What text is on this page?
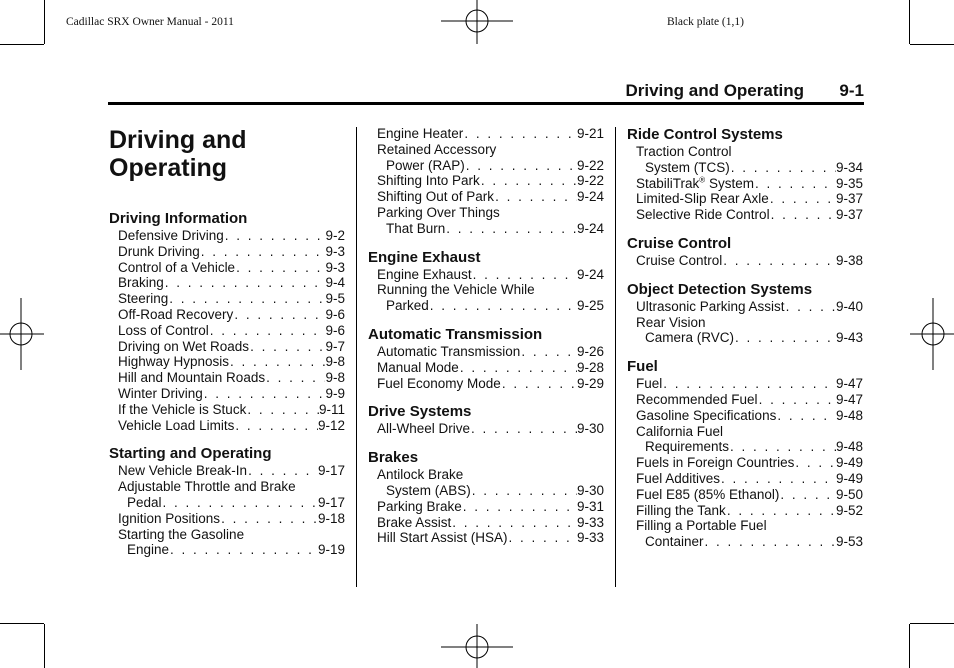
Cadillac SRX Owner Manual - 2011	Black plate (1,1)
Driving and Operating 9-1
Driving and
Operating
Driving Information
Defensive Driving . . .	9-2
Drunk Driving . . .	9-3
Control of a Vehicle . . .	9-3
Braking . . .	9-4
Steering . . .	9-5
Off-Road Recovery . . .	9-6
Loss of Control . . .	9-6
Driving on Wet Roads . . .	9-7
Highway Hypnosis . . .	9-8
Hill and Mountain Roads . . .	9-8
Winter Driving . . .	9-9
If the Vehicle is Stuck . . .	9-11
Vehicle Load Limits . . .	9-12
Starting and Operating
New Vehicle Break-In . . .	9-17
Adjustable Throttle and Brake
Pedal . . .	9-17
Ignition Positions . . .	9-18
Starting the Gasoline
Engine . . .	9-19
Engine Heater . . .	9-21
Retained Accessory
Power (RAP) . . .	9-22
Shifting Into Park . . .	9-22
Shifting Out of Park . . .	9-24
Parking Over Things
That Burn . . .	9-24
Engine Exhaust
Engine Exhaust . . .	9-24
Running the Vehicle While
Parked . . .	9-25
Automatic Transmission
Automatic Transmission . . .	9-26
Manual Mode . . .	9-28
Fuel Economy Mode . . .	9-29
Drive Systems
All-Wheel Drive . . .	9-30
Brakes
Antilock Brake
System (ABS) . . .	9-30
Parking Brake . . .	9-31
Brake Assist . . .	9-33
Hill Start Assist (HSA) . . .	9-33
Ride Control Systems
Traction Control
System (TCS) . . .	9-34
StabiliTrak® System . . .	9-35
Limited-Slip Rear Axle . . .	9-37
Selective Ride Control . . .	9-37
Cruise Control
Cruise Control . . .	9-38
Object Detection Systems
Ultrasonic Parking Assist . . .	9-40
Rear Vision
Camera (RVC) . . .	9-43
Fuel
Fuel . . .	9-47
Recommended Fuel . . .	9-47
Gasoline Specifications . . .	9-48
California Fuel
Requirements . . .	9-48
Fuels in Foreign Countries . . .	9-49
Fuel Additives . . .	9-49
Fuel E85 (85% Ethanol) . . .	9-50
Filling the Tank . . .	9-52
Filling a Portable Fuel
Container . . .	9-53
